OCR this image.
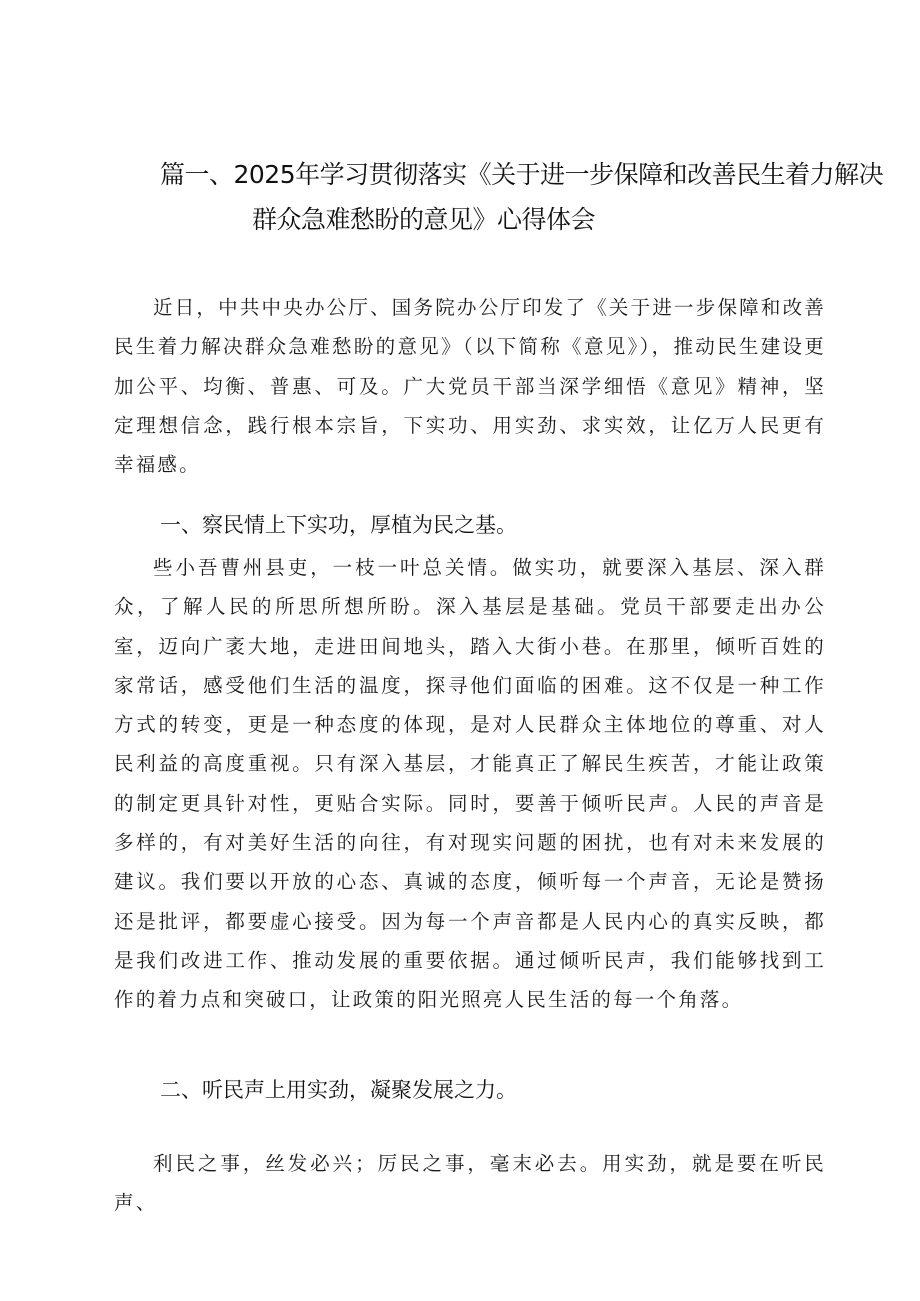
篇一、2025年学习贯彻落实《关于进一步保障和改善民生着力解决
群众急难愁盼的意见》心得体会

近日，中共中央办公厅、国务院办公厅印发了《关于进一步保障和改善民生着力解决群众急难愁盼的意见》（以下简称《意见》），推动民生建设更加公平、均衡、普惠、可及。广大党员干部当深学细悟《意见》精神，坚定理想信念，践行根本宗旨，下实功、用实劲、求实效，让亿万人民更有幸福感。

一、察民情上下实功，厚植为民之基。

些小吾曹州县吏，一枝一叶总关情。做实功，就要深入基层、深入群众，了解人民的所思所想所盼。深入基层是基础。党员干部要走出办公室，迈向广袤大地，走进田间地头，踏入大街小巷。在那里，倾听百姓的家常话，感受他们生活的温度，探寻他们面临的困难。这不仅是一种工作方式的转变，更是一种态度的体现，是对人民群众主体地位的尊重、对人民利益的高度重视。只有深入基层，才能真正了解民生疾苦，才能让政策的制定更具针对性，更贴合实际。同时，要善于倾听民声。人民的声音是多样的，有对美好生活的向往，有对现实问题的困扰，也有对未来发展的建议。我们要以开放的心态、真诚的态度，倾听每一个声音，无论是赞扬还是批评，都要虚心接受。因为每一个声音都是人民内心的真实反映，都是我们改进工作、推动发展的重要依据。通过倾听民声，我们能够找到工作的着力点和突破口，让政策的阳光照亮人民生活的每一个角落。

二、听民声上用实劲，凝聚发展之力。

利民之事，丝发必兴；厉民之事，毫末必去。用实劲，就是要在听民声、
